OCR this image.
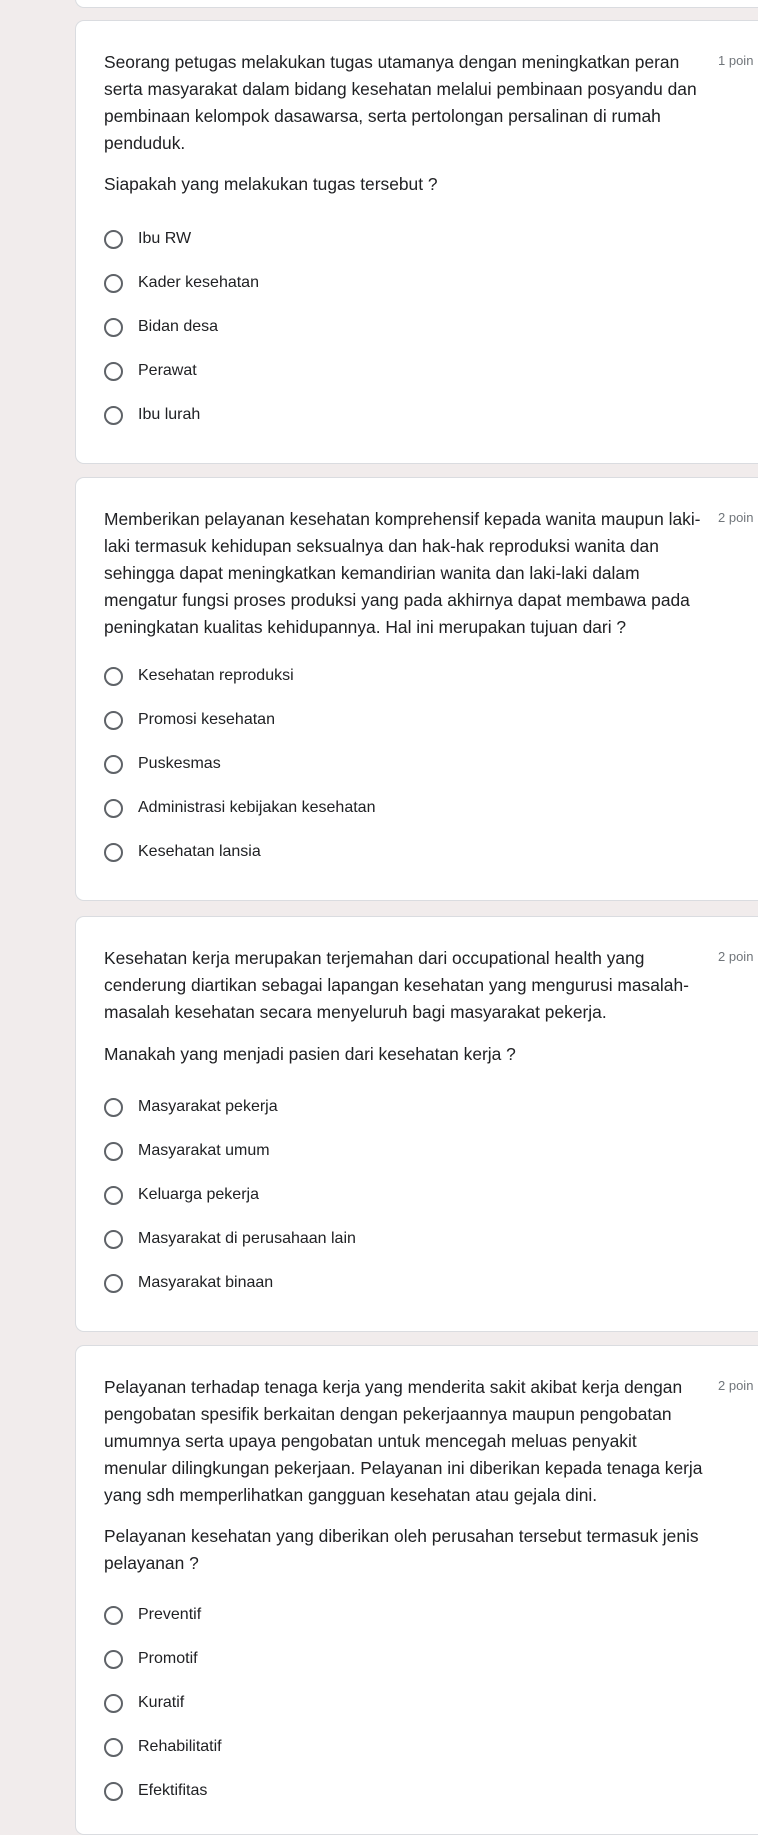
Seorang petugas melakukan tugas utamanya dengan meningkatkan peran serta masyarakat dalam bidang kesehatan melalui pembinaan posyandu dan pembinaan kelompok dasawarsa, serta pertolongan persalinan di rumah penduduk.
1 poin
Siapakah yang melakukan tugas tersebut ?
Ibu RW
Kader kesehatan
Bidan desa
Perawat
Ibu lurah
Memberikan pelayanan kesehatan komprehensif kepada wanita maupun laki-laki termasuk kehidupan seksualnya dan hak-hak reproduksi wanita dan sehingga dapat meningkatkan kemandirian wanita dan laki-laki dalam mengatur fungsi proses produksi yang pada akhirnya dapat membawa pada peningkatan kualitas kehidupannya. Hal ini merupakan tujuan dari ?
2 poin
Kesehatan reproduksi
Promosi kesehatan
Puskesmas
Administrasi kebijakan kesehatan
Kesehatan lansia
Kesehatan kerja merupakan terjemahan dari occupational health yang cenderung diartikan sebagai lapangan kesehatan yang mengurusi masalah-masalah kesehatan secara menyeluruh bagi masyarakat pekerja.
2 poin
Manakah yang menjadi pasien dari kesehatan kerja ?
Masyarakat pekerja
Masyarakat umum
Keluarga pekerja
Masyarakat di perusahaan lain
Masyarakat binaan
Pelayanan terhadap tenaga kerja yang menderita sakit akibat kerja dengan pengobatan spesifik berkaitan dengan pekerjaannya maupun pengobatan umumnya serta upaya pengobatan untuk mencegah meluas penyakit menular dilingkungan pekerjaan. Pelayanan ini diberikan kepada tenaga kerja yang sdh memperlihatkan gangguan kesehatan atau gejala dini.
2 poin
Pelayanan kesehatan yang diberikan oleh perusahan tersebut termasuk jenis pelayanan ?
Preventif
Promotif
Kuratif
Rehabilitatif
Efektifitas
